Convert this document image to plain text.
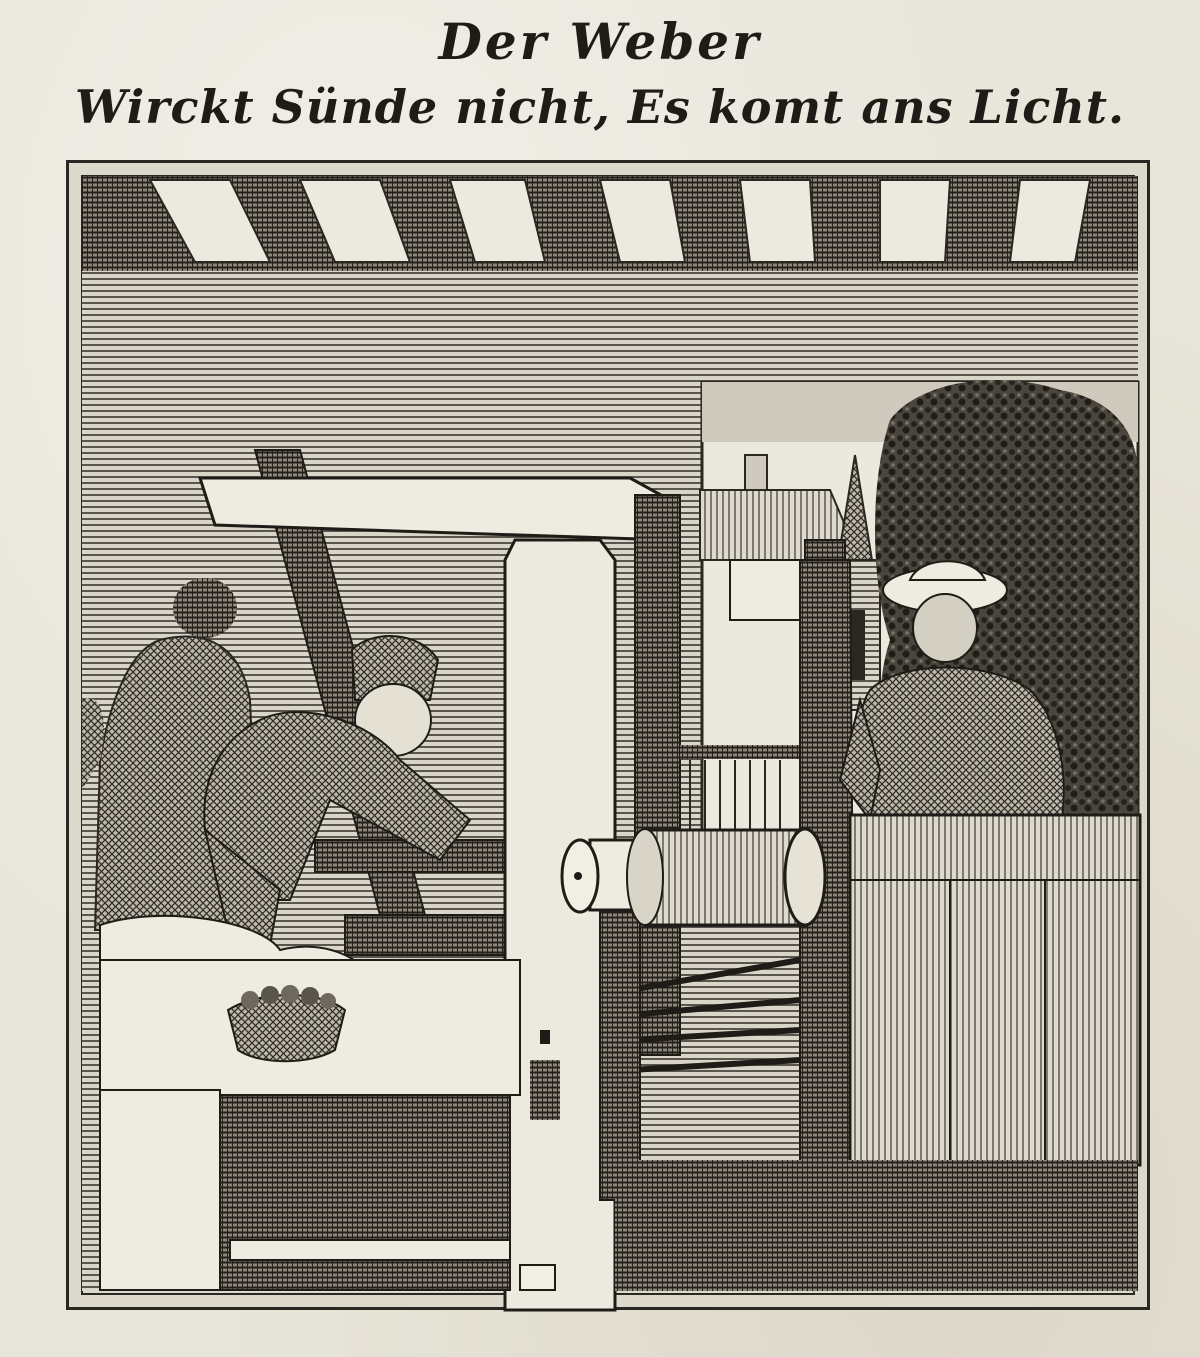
Der Weber
Wirckt Sünde nicht, Es komt ans Licht.
